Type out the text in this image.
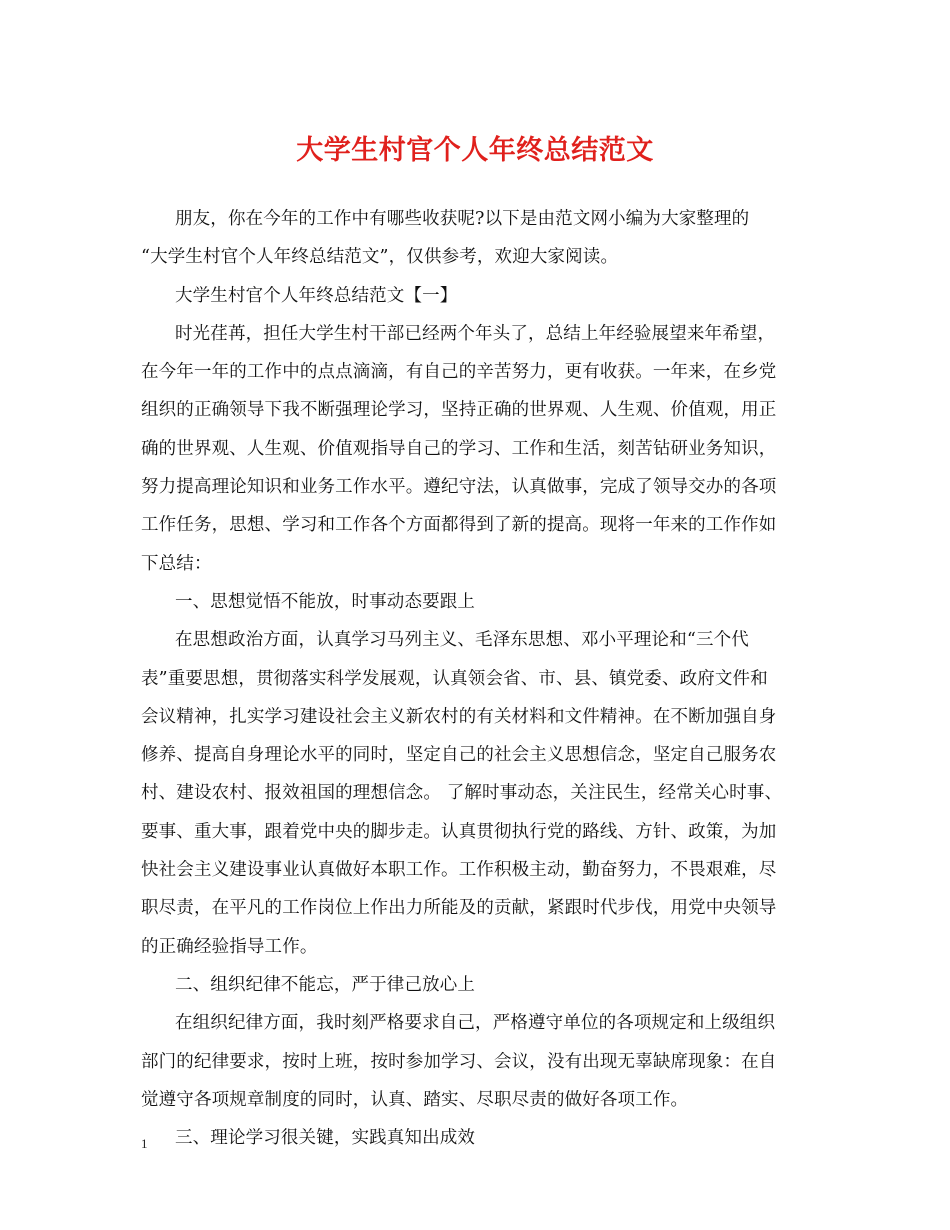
大学生村官个人年终总结范文
朋友，你在今年的工作中有哪些收获呢?以下是由范文网小编为大家整理的
“大学生村官个人年终总结范文”，仅供参考，欢迎大家阅读。
大学生村官个人年终总结范文【一】
时光荏苒，担任大学生村干部已经两个年头了，总结上年经验展望来年希望，
在今年一年的工作中的点点滴滴，有自己的辛苦努力，更有收获。一年来，在乡党
组织的正确领导下我不断强理论学习，坚持正确的世界观、人生观、价值观，用正
确的世界观、人生观、价值观指导自己的学习、工作和生活，刻苦钻研业务知识，
努力提高理论知识和业务工作水平。遵纪守法，认真做事，完成了领导交办的各项
工作任务，思想、学习和工作各个方面都得到了新的提高。现将一年来的工作作如
下总结：
一、思想觉悟不能放，时事动态要跟上
在思想政治方面，认真学习马列主义、毛泽东思想、邓小平理论和“三个代
表”重要思想，贯彻落实科学发展观，认真领会省、市、县、镇党委、政府文件和
会议精神，扎实学习建设社会主义新农村的有关材料和文件精神。在不断加强自身
修养、提高自身理论水平的同时，坚定自己的社会主义思想信念，坚定自己服务农
村、建设农村、报效祖国的理想信念。 了解时事动态，关注民生，经常关心时事、
要事、重大事，跟着党中央的脚步走。认真贯彻执行党的路线、方针、政策，为加
快社会主义建设事业认真做好本职工作。工作积极主动，勤奋努力，不畏艰难，尽
职尽责，在平凡的工作岗位上作出力所能及的贡献，紧跟时代步伐，用党中央领导
的正确经验指导工作。
二、组织纪律不能忘，严于律己放心上
在组织纪律方面，我时刻严格要求自己，严格遵守单位的各项规定和上级组织
部门的纪律要求，按时上班，按时参加学习、会议，没有出现无辜缺席现象：在自
觉遵守各项规章制度的同时，认真、踏实、尽职尽责的做好各项工作。
三、理论学习很关键，实践真知出成效
1
